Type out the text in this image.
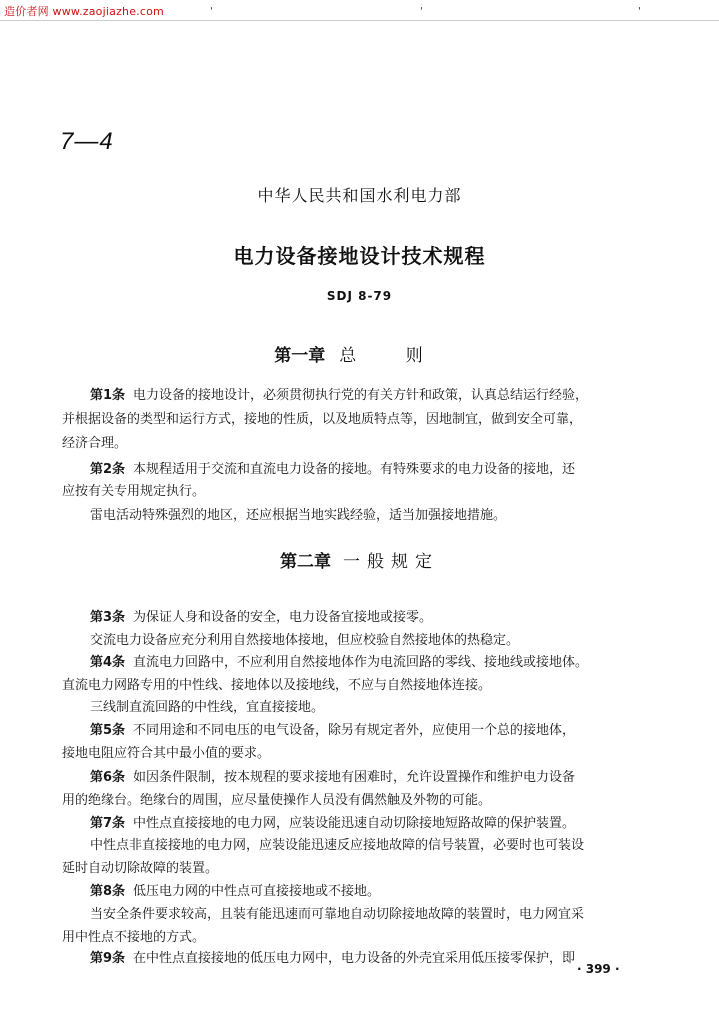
造价者网 www.zaojiazhe.com	'	'	'
7—4
中华人民共和国水利电力部
电力设备接地设计技术规程
SDJ 8-79
第一章 总 则
第二章 一般规定
第1条 电力设备的接地设计，必须贯彻执行党的有关方针和政策，认真总结运行经验，
并根据设备的类型和运行方式，接地的性质，以及地质特点等，因地制宜，做到安全可靠，
经济合理。
第2条 本规程适用于交流和直流电力设备的接地。有特殊要求的电力设备的接地，还
应按有关专用规定执行。
雷电活动特殊强烈的地区，还应根据当地实践经验，适当加强接地措施。
第3条 为保证人身和设备的安全，电力设备宜接地或接零。
交流电力设备应充分利用自然接地体接地，但应校验自然接地体的热稳定。
第4条 直流电力回路中，不应利用自然接地体作为电流回路的零线、接地线或接地体。
直流电力网路专用的中性线、接地体以及接地线，不应与自然接地体连接。
三线制直流回路的中性线，宜直接接地。
第5条 不同用途和不同电压的电气设备，除另有规定者外，应使用一个总的接地体，
接地电阻应符合其中最小值的要求。
第6条 如因条件限制，按本规程的要求接地有困难时，允许设置操作和维护电力设备
用的绝缘台。绝缘台的周围，应尽量使操作人员没有偶然触及外物的可能。
第7条 中性点直接接地的电力网，应装设能迅速自动切除接地短路故障的保护装置。
中性点非直接接地的电力网，应装设能迅速反应接地故障的信号装置，必要时也可装设
延时自动切除故障的装置。
第8条 低压电力网的中性点可直接接地或不接地。
当安全条件要求较高，且装有能迅速而可靠地自动切除接地故障的装置时，电力网宜采
用中性点不接地的方式。
第9条 在中性点直接接地的低压电力网中，电力设备的外壳宜采用低压接零保护，即
· 399 ·
